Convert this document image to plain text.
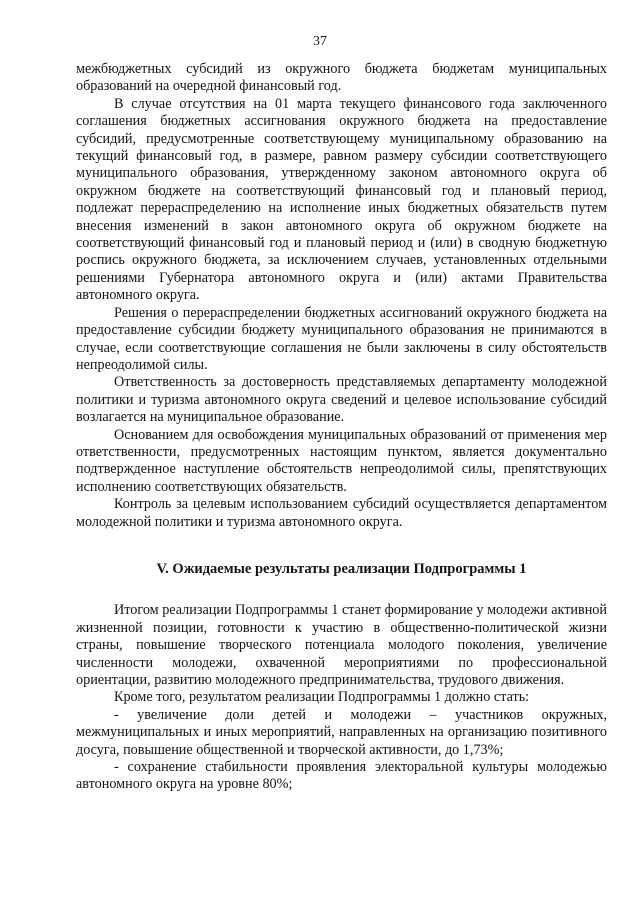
37

межбюджетных субсидий из окружного бюджета бюджетам муниципальных образований на очередной финансовый год.

В случае отсутствия на 01 марта текущего финансового года заключенного соглашения бюджетных ассигнования окружного бюджета на предоставление субсидий, предусмотренные соответствующему муниципальному образованию на текущий финансовый год, в размере, равном размеру субсидии соответствующего муниципального образования, утвержденному законом автономного округа об окружном бюджете на соответствующий финансовый год и плановый период, подлежат перераспределению на исполнение иных бюджетных обязательств путем внесения изменений в закон автономного округа об окружном бюджете на соответствующий финансовый год и плановый период и (или) в сводную бюджетную роспись окружного бюджета, за исключением случаев, установленных отдельными решениями Губернатора автономного округа и (или) актами Правительства автономного округа.

Решения о перераспределении бюджетных ассигнований окружного бюджета на предоставление субсидии бюджету муниципального образования не принимаются в случае, если соответствующие соглашения не были заключены в силу обстоятельств непреодолимой силы.

Ответственность за достоверность представляемых департаменту молодежной политики и туризма автономного округа сведений и целевое использование субсидий возлагается на муниципальное образование.

Основанием для освобождения муниципальных образований от применения мер ответственности, предусмотренных настоящим пунктом, является документально подтвержденное наступление обстоятельств непреодолимой силы, препятствующих исполнению соответствующих обязательств.

Контроль за целевым использованием субсидий осуществляется департаментом молодежной политики и туризма автономного округа.

V. Ожидаемые результаты реализации Подпрограммы 1

Итогом реализации Подпрограммы 1 станет формирование у молодежи активной жизненной позиции, готовности к участию в общественно-политической жизни страны, повышение творческого потенциала молодого поколения, увеличение численности молодежи, охваченной мероприятиями по профессиональной ориентации, развитию молодежного предпринимательства, трудового движения.

Кроме того, результатом реализации Подпрограммы 1 должно стать:

- увеличение доли детей и молодежи – участников окружных, межмуниципальных и иных мероприятий, направленных на организацию позитивного досуга, повышение общественной и творческой активности, до 1,73%;

- сохранение стабильности проявления электоральной культуры молодежью автономного округа на уровне 80%;
